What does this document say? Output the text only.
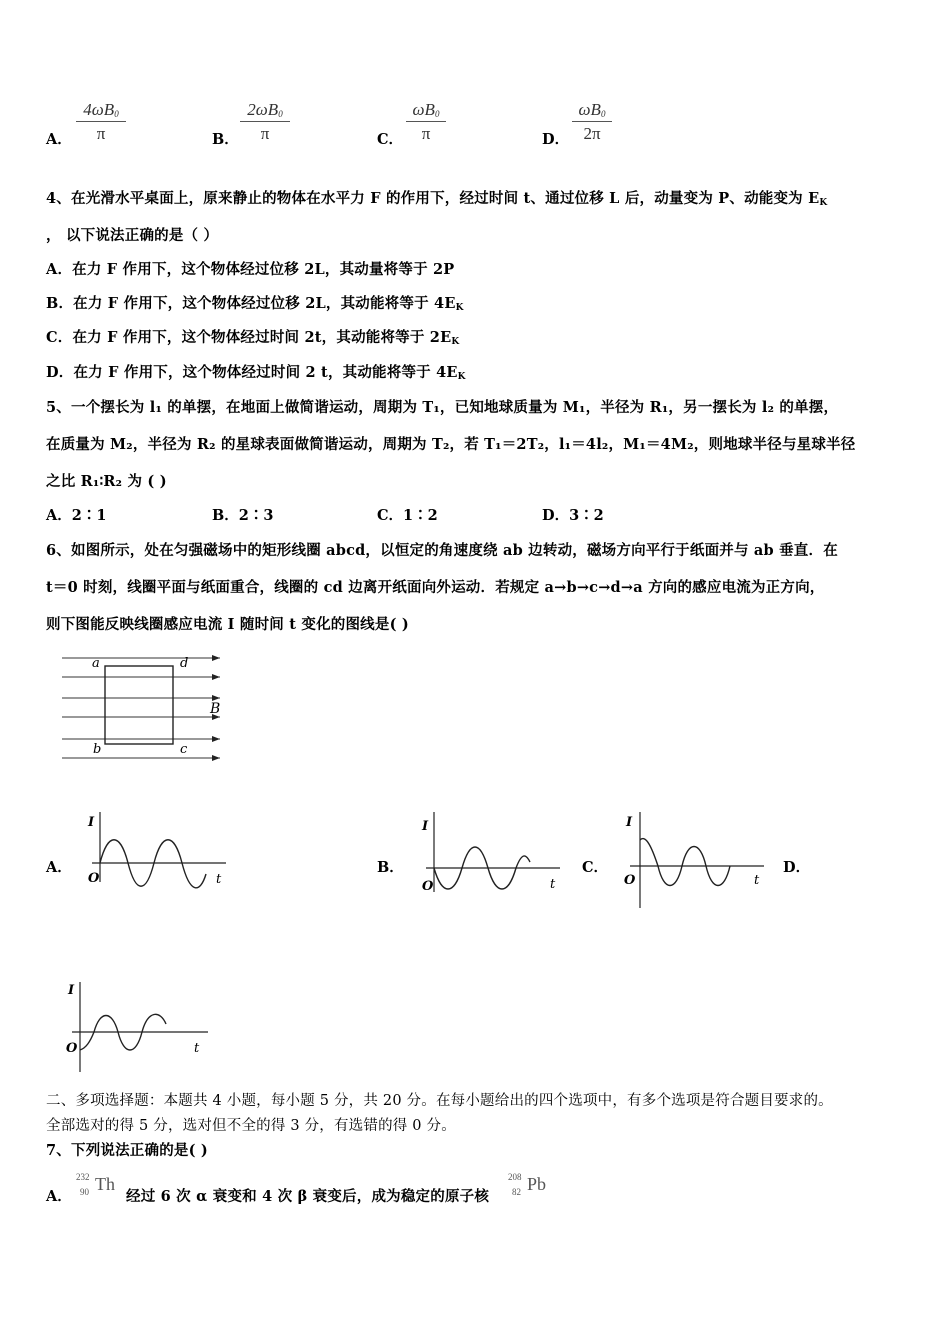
A．
$4\omega B_0$
π	B．
$2\omega B_0$
π	C．
$\omega B_0$
π	D．
$\omega B_0$
2π
4、在光滑水平桌面上，原来静止的物体在水平力 F 的作用下，经过时间 t、通过位移 L 后，动量变为 P、动能变为 $E_K$
， 以下说法正确的是（ ）
A．在力 F 作用下，这个物体经过位移 2L，其动量将等于 2P
B．在力 F 作用下，这个物体经过位移 2L，其动能将等于 $4E_K$
C．在力 F 作用下，这个物体经过时间 2t，其动能将等于 $2E_K$
D．在力 F 作用下，这个物体经过时间 2 t，其动能将等于 $4E_K$
5、一个摆长为 l₁ 的单摆，在地面上做简谐运动，周期为 T₁，已知地球质量为 M₁，半径为 R₁，另一摆长为 l₂ 的单摆，
在质量为 M₂，半径为 R₂ 的星球表面做简谐运动，周期为 T₂，若 T₁＝2T₂，l₁＝4l₂，M₁＝4M₂，则地球半径与星球半径
之比 R₁∶R₂ 为 ( )
A．2∶1	B．2∶3	C．1∶2	D．3∶2
6、如图所示，处在匀强磁场中的矩形线圈 abcd，以恒定的角速度绕 ab 边转动，磁场方向平行于纸面并与 ab 垂直．在
t＝0 时刻，线圈平面与纸面重合，线圈的 cd 边离开纸面向外运动．若规定 a→b→c→d→a 方向的感应电流为正方向，
则下图能反映线圈感应电流 I 随时间 t 变化的图线是( )
a	d
b	c
B
A．	B．	C．	D．
I
O	t
I
O	t
I
O	t
I
O	t
二、多项选择题：本题共 4 小题，每小题 5 分，共 20 分。在每小题给出的四个选项中，有多个选项是符合题目要求的。
全部选对的得 5 分，选对但不全的得 3 分，有选错的得 0 分。
7、下列说法正确的是( )
A．
232
90 Th
经过 6 次 α 衰变和 4 次 β 衰变后，成为稳定的原子核
208
82 Pb
